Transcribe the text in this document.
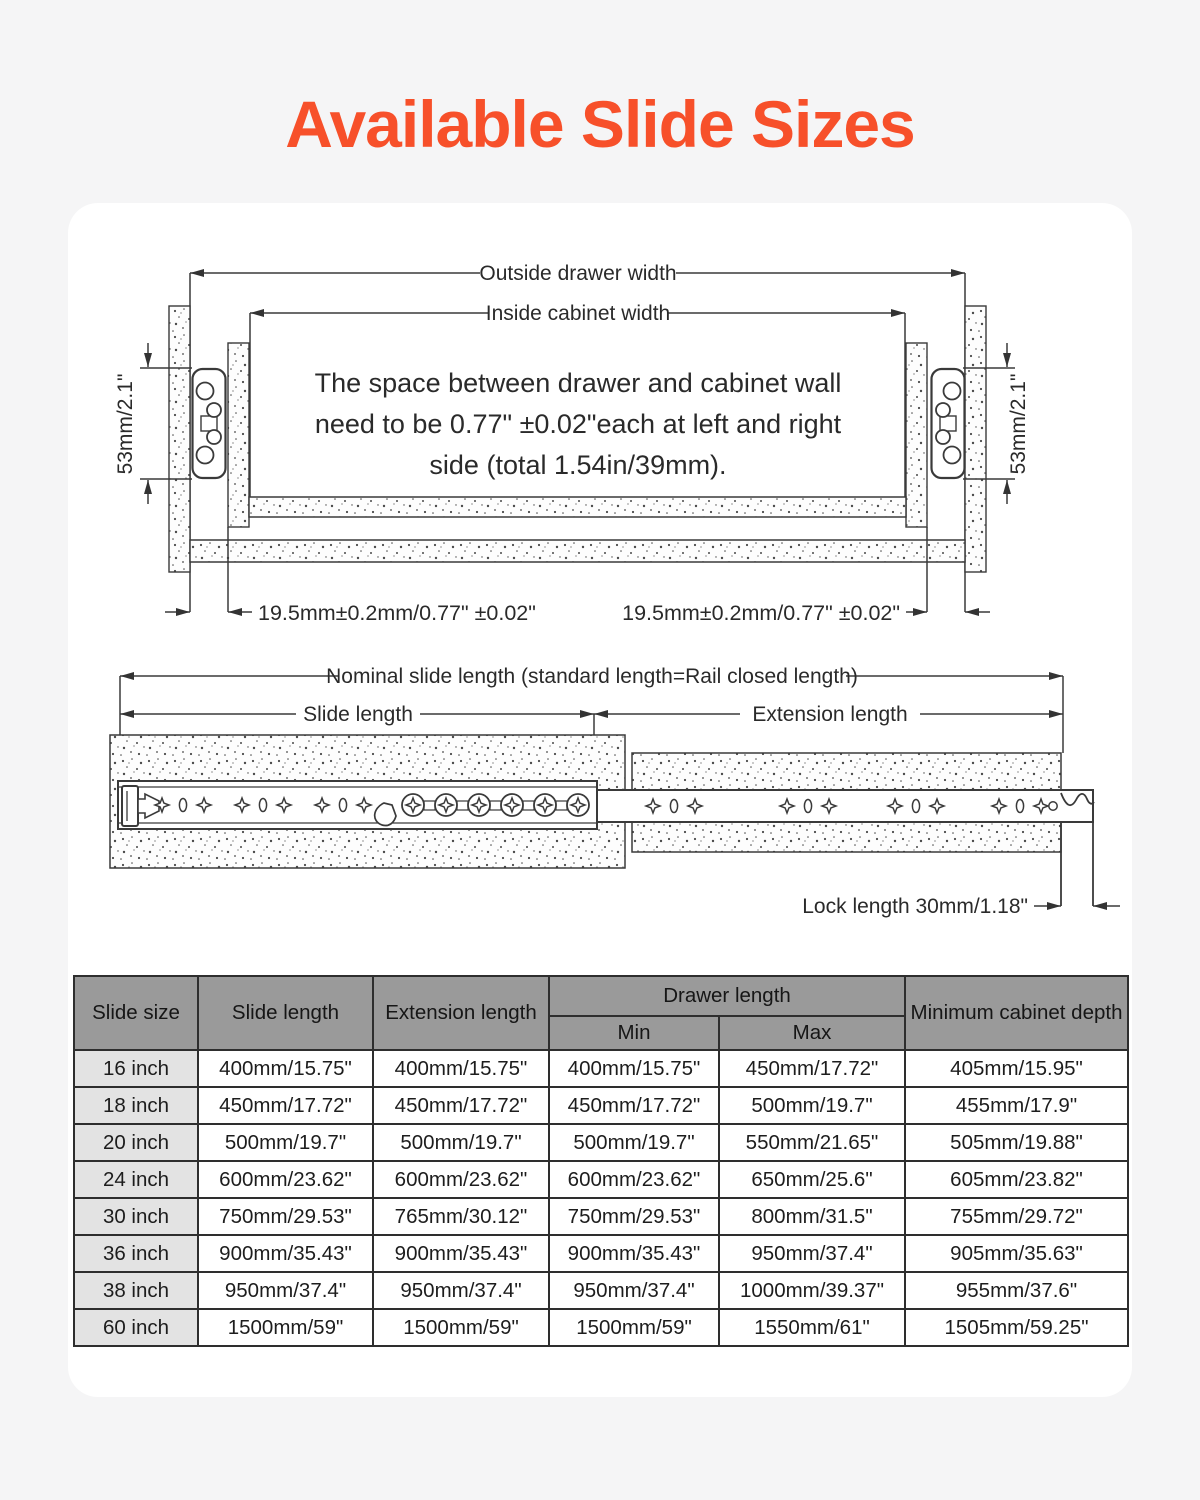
Available Slide Sizes
Outside drawer width
Inside cabinet width
53mm/2.1"	53mm/2.1"
The space between drawer and cabinet wall
need to be 0.77" ±0.02"each at left and right
side (total 1.54in/39mm).
19.5mm±0.2mm/0.77" ±0.02"	19.5mm±0.2mm/0.77" ±0.02"
Nominal slide length (standard length=Rail closed length)
Slide length	Extension length
Lock length 30mm/1.18"
Slide size	Slide length	Extension length	Drawer length		Minimum cabinet depth
			Min	Max	
16 inch	400mm/15.75"	400mm/15.75"	400mm/15.75"	450mm/17.72"	405mm/15.95"
18 inch	450mm/17.72"	450mm/17.72"	450mm/17.72"	500mm/19.7"	455mm/17.9"
20 inch	500mm/19.7"	500mm/19.7"	500mm/19.7"	550mm/21.65"	505mm/19.88"
24 inch	600mm/23.62"	600mm/23.62"	600mm/23.62"	650mm/25.6"	605mm/23.82"
30 inch	750mm/29.53"	765mm/30.12"	750mm/29.53"	800mm/31.5"	755mm/29.72"
36 inch	900mm/35.43"	900mm/35.43"	900mm/35.43"	950mm/37.4"	905mm/35.63"
38 inch	950mm/37.4"	950mm/37.4"	950mm/37.4"	1000mm/39.37"	955mm/37.6"
60 inch	1500mm/59"	1500mm/59"	1500mm/59"	1550mm/61"	1505mm/59.25"
